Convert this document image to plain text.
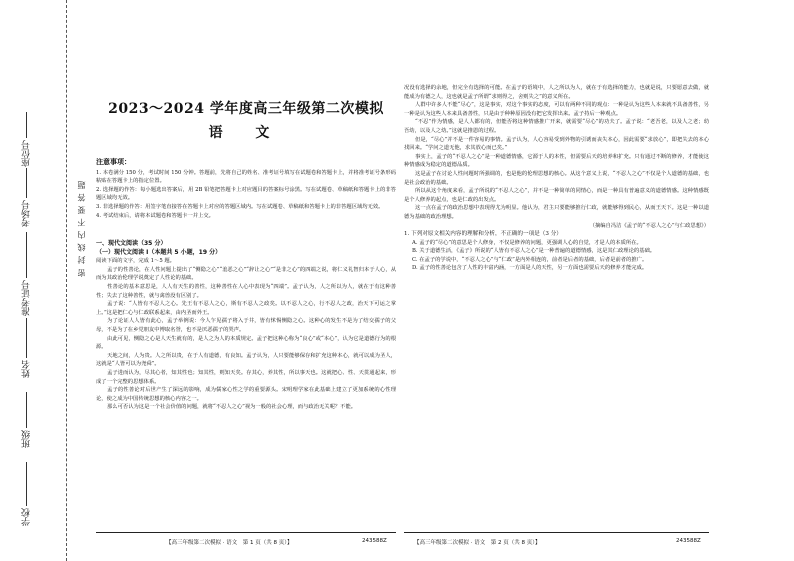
座位号
考场号
准考证号
姓名
班级
学校
密 封 线 内 不 要 答 题
2023～2024 学年度高三年级第二次模拟
语 文
注意事项：

1. 本卷满分 150 分，考试时间 150 分钟。答题前，先将自己的姓名、准考证号填写在试题卷和答题卡上，并将准考证号条形码粘贴在答题卡上的指定位置。

2. 选择题的作答：每小题选出答案后，用 2B 铅笔把答题卡上对应题目的答案标号涂黑。写在试题卷、草稿纸和答题卡上的非答题区域均无效。

3. 非选择题的作答：用签字笔直接答在答题卡上对应的答题区域内。写在试题卷、草稿纸和答题卡上的非答题区域均无效。

4. 考试结束后，请将本试题卷和答题卡一并上交。

一、现代文阅读（35 分）
（一）现代文阅读 Ⅰ（本题共 5 小题，19 分）

阅读下面的文字，完成 1～5 题。

孟子的性善论，在人性问题上提出了“恻隐之心”“羞恶之心”“辞让之心”“是非之心”的四端之说，将仁义礼智归本于人心，从而为其政治伦理学说奠定了人性论的基础。

性善论的基本意思是，人人有天生的善性，这种善性在人心中表现为“四端”。孟子认为，人之所以为人，就在于有这种善性；失去了这种善性，就与禽兽没有区别了。

孟子说：“人皆有不忍人之心。先王有不忍人之心，斯有不忍人之政矣。以不忍人之心，行不忍人之政，治天下可运之掌上。”这是把仁心与仁政联系起来，由内圣而外王。

为了论证人人皆有此心，孟子举例说：今人乍见孺子将入于井，皆有怵惕恻隐之心。这种心的发生不是为了结交孺子的父母，不是为了在乡党朋友中博取名誉，也不是厌恶孺子的哭声。

由此可见，恻隐之心是人天生就有的，是人之为人的本质规定。孟子把这种心称为“良心”或“本心”，认为它是道德行为的根源。

天地之间，人为贵。人之所以贵，在于人有道德，有良知。孟子认为，人只要能够保存和扩充这种本心，就可以成为圣人，这就是“人皆可以为尧舜”。

孟子进而认为，尽其心者，知其性也；知其性，则知天矣。存其心，养其性，所以事天也。这就把心、性、天贯通起来，形成了一个完整的思想体系。

孟子的性善论对后世产生了深远的影响，成为儒家心性之学的重要源头。宋明理学家在此基础上建立了更加系统的心性理论，使之成为中国传统思想的核心内容之一。

那么可否认为这是一个社会价值的问题，就将“不忍人之心”视为一般的社会心理，而与政治无关呢？不能。

【高三年级第二次模拟 · 语文　第 1 页（共 8 页）】	243588Z

况没有选择的余地，但完全有选择的可能。在孟子的语境中，人之所以为人，就在于有选择的能力，也就是说，只要愿意去做，就能成为有德之人，这也就是孟子所谓“求则得之，舍则失之”的意义所在。

人群中许多人不能“尽心”，这是事实，对这个事实的态度，可以有两种不同的观点：一种是认为这些人本来就不具备善性，另一种是认为这些人本来具备善性，只是由于种种原因没有把它发挥出来。孟子持后一种观点。

“不忍”作为情感，是人人都有的，但能否将这种情感推广开来，就需要“尽心”的功夫了。孟子说：“老吾老，以及人之老；幼吾幼，以及人之幼。”这就是推恩的过程。

但是，“尽心”并不是一件容易的事情。孟子认为，人心容易受到外物的引诱而丧失本心，因此需要“求放心”，即把失去的本心找回来。“学问之道无他，求其放心而已矣。”

事实上，孟子的“不忍人之心”是一种道德情感，它源于人的本性，但需要后天的培养和扩充。只有通过不断的修养，才能使这种情感成为稳定的道德品质。

这是孟子在讨论人性问题时所强调的，也是他的伦理思想的核心。从这个意义上说，“不忍人之心”不仅是个人道德的基础，也是社会政治的基础。

所以从这个角度来看，孟子所说的“不忍人之心”，并不是一种简单的同情心，而是一种具有普遍意义的道德情感。这种情感既是个人修养的起点，也是仁政的出发点。

这一点在孟子的政治思想中表现得尤为明显。他认为，君主只要能够推行仁政，就能够得到民心，从而王天下。这是一种以道德为基础的政治理想。

（摘编自冯洁《孟子的“不忍人之心”与仁政思想》）

1. 下列对原文相关内容的理解和分析，不正确的一项是（3 分）

A. 孟子的“尽心”的意思是个人修身，不仅是修养的问题，更强调人心的自觉，才是人的本质所在。

B. 关于道德生活，《孟子》所说的“人皆有不忍人之心”是一种普遍的道德情感，这是其仁政理论的基础。

C. 在孟子的学说中，“不忍人之心”与“仁政”是内外相连的，前者是后者的基础，后者是前者的推广。

D. 孟子的性善论包含了人性的丰富内涵，一方面是人的天性，另一方面也需要后天的修养才能完成。

【高三年级第二次模拟 · 语文　第 2 页（共 8 页）】	243588Z
